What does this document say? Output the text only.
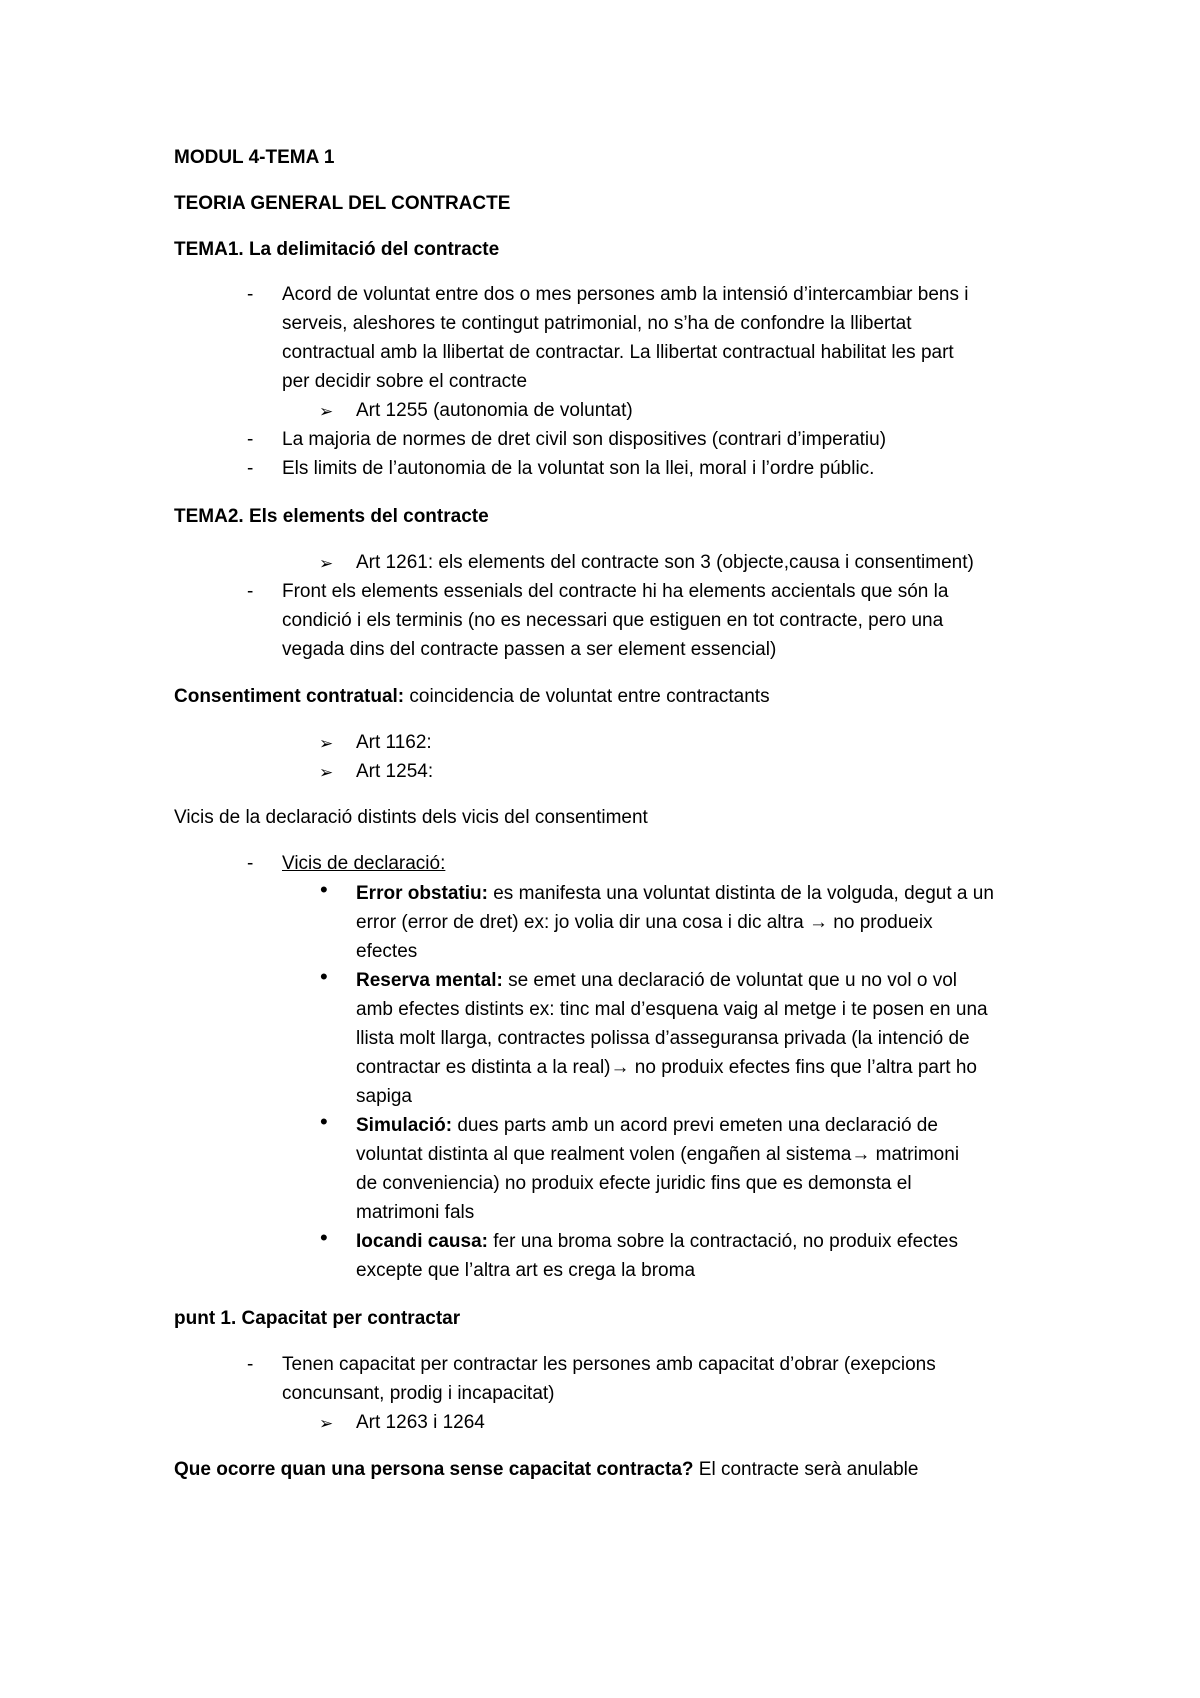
MODUL 4-TEMA 1
TEORIA GENERAL DEL CONTRACTE
TEMA1. La delimitació del contracte
- Acord de voluntat entre dos o mes persones amb la intensió d’intercambiar bens i
serveis, aleshores te contingut patrimonial, no s’ha de confondre la llibertat
contractual amb la llibertat de contractar. La llibertat contractual habilitat les part
per decidir sobre el contracte
➢ Art 1255 (autonomia de voluntat)
- La majoria de normes de dret civil son dispositives (contrari d’imperatiu)
- Els limits de l’autonomia de la voluntat son la llei, moral i l’ordre públic.
TEMA2. Els elements del contracte
➢ Art 1261: els elements del contracte son 3 (objecte,causa i consentiment)
- Front els elements essenials del contracte hi ha elements accientals que són la
condició i els terminis (no es necessari que estiguen en tot contracte, pero una
vegada dins del contracte passen a ser element essencial)
Consentiment contratual: coincidencia de voluntat entre contractants
➢ Art 1162:
➢ Art 1254:
Vicis de la declaració distints dels vicis del consentiment
- Vicis de declaració:
• Error obstatiu: es manifesta una voluntat distinta de la volguda, degut a un
error (error de dret) ex: jo volia dir una cosa i dic altra → no produeix
efectes
• Reserva mental: se emet una declaració de voluntat que u no vol o vol
amb efectes distints ex: tinc mal d’esquena vaig al metge i te posen en una
llista molt llarga, contractes polissa d’asseguransa privada (la intenció de
contractar es distinta a la real)→ no produix efectes fins que l’altra part ho
sapiga
• Simulació: dues parts amb un acord previ emeten una declaració de
voluntat distinta al que realment volen (engañen al sistema→ matrimoni
de conveniencia) no produix efecte juridic fins que es demonsta el
matrimoni fals
• Iocandi causa: fer una broma sobre la contractació, no produix efectes
excepte que l’altra art es crega la broma
punt 1. Capacitat per contractar
- Tenen capacitat per contractar les persones amb capacitat d’obrar (exepcions
concunsant, prodig i incapacitat)
➢ Art 1263 i 1264
Que ocorre quan una persona sense capacitat contracta? El contracte serà anulable
